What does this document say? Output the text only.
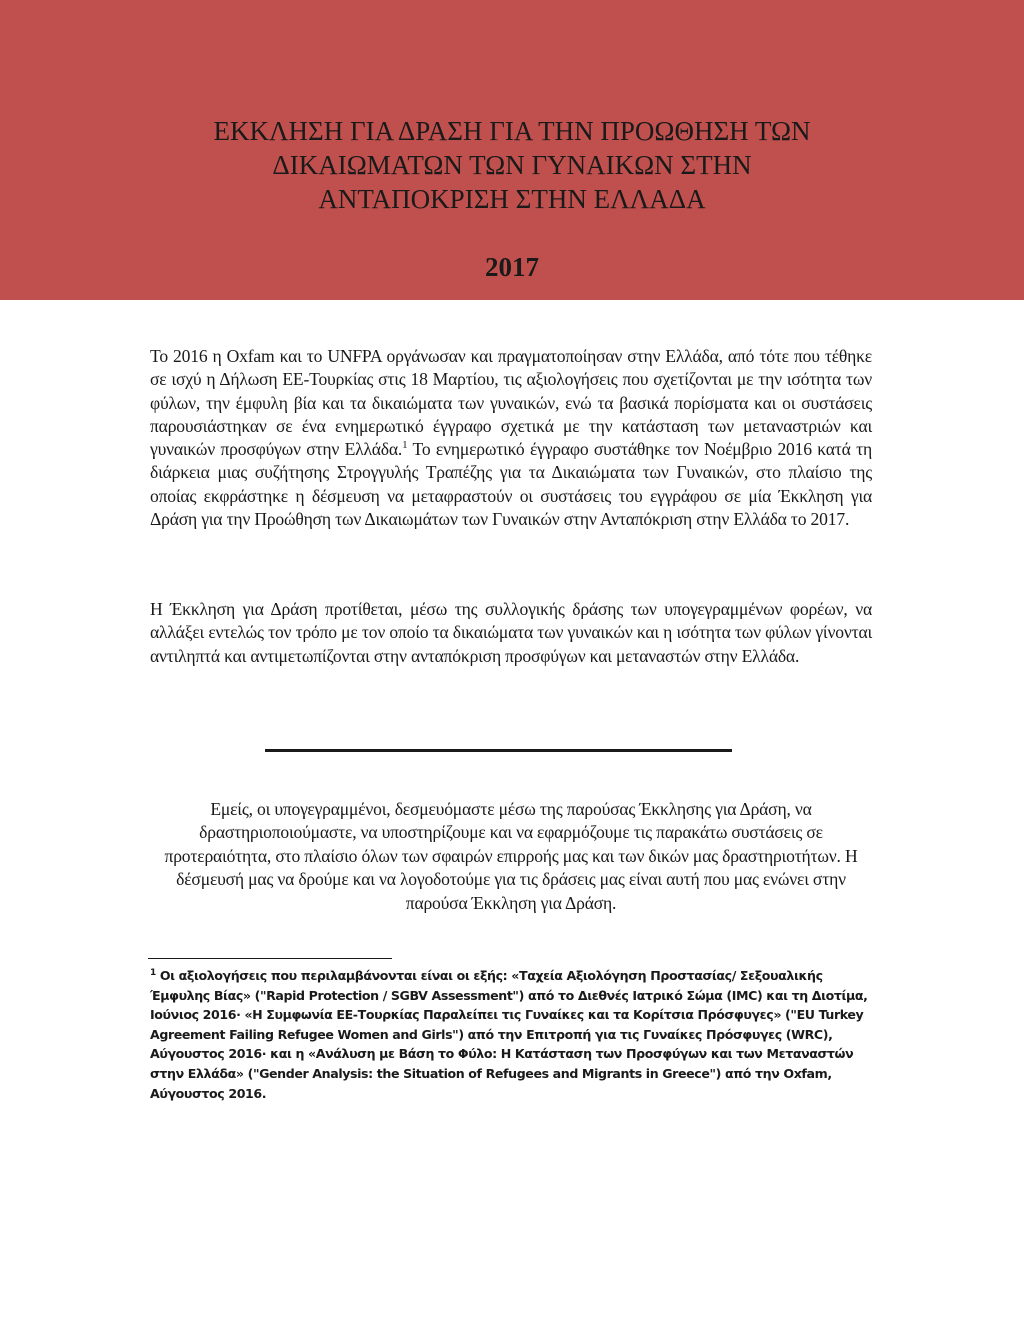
ΕΚΚΛΗΣΗ ΓΙΑ ΔΡΑΣΗ ΓΙΑ ΤΗΝ ΠΡΟΩΘΗΣΗ ΤΩΝ
ΔΙΚΑΙΩΜΑΤΩΝ ΤΩΝ ΓΥΝΑΙΚΩΝ ΣΤΗΝ
ΑΝΤΑΠΟΚΡΙΣΗ ΣΤΗΝ ΕΛΛΑΔΑ
2017

Το 2016 η Oxfam και το UNFPA οργάνωσαν και πραγματοποίησαν στην Ελλάδα, από τότε που τέθηκε σε ισχύ η Δήλωση ΕΕ-Τουρκίας στις 18 Μαρτίου, τις αξιολογήσεις που σχετίζονται με την ισότητα των φύλων, την έμφυλη βία και τα δικαιώματα των γυναικών, ενώ τα βασικά πορίσματα και οι συστάσεις παρουσιάστηκαν σε ένα ενημερωτικό έγγραφο σχετικά με την κατάσταση των μεταναστριών και γυναικών προσφύγων στην Ελλάδα.$^1$ Το ενημερωτικό έγγραφο συστάθηκε τον Νοέμβριο 2016 κατά τη διάρκεια μιας συζήτησης Στρογγυλής Τραπέζης για τα Δικαιώματα των Γυναικών, στο πλαίσιο της οποίας εκφράστηκε η δέσμευση να μεταφραστούν οι συστάσεις του εγγράφου σε μία Έκκληση για Δράση για την Προώθηση των Δικαιωμάτων των Γυναικών στην Ανταπόκριση στην Ελλάδα το 2017.

Η Έκκληση για Δράση προτίθεται, μέσω της συλλογικής δράσης των υπογεγραμμένων φορέων, να αλλάξει εντελώς τον τρόπο με τον οποίο τα δικαιώματα των γυναικών και η ισότητα των φύλων γίνονται αντιληπτά και αντιμετωπίζονται στην ανταπόκριση προσφύγων και μεταναστών στην Ελλάδα.

Εμείς, οι υπογεγραμμένοι, δεσμευόμαστε μέσω της παρούσας Έκκλησης για Δράση, να δραστηριοποιούμαστε, να υποστηρίζουμε και να εφαρμόζουμε τις παρακάτω συστάσεις σε προτεραιότητα, στο πλαίσιο όλων των σφαιρών επιρροής μας και των δικών μας δραστηριοτήτων. Η δέσμευσή μας να δρούμε και να λογοδοτούμε για τις δράσεις μας είναι αυτή που μας ενώνει στην παρούσα Έκκληση για Δράση.

$^1$ Οι αξιολογήσεις που περιλαμβάνονται είναι οι εξής: «Ταχεία Αξιολόγηση Προστασίας/ Σεξουαλικής Έμφυλης Βίας» ("Rapid Protection / SGBV Assessment") από το Διεθνές Ιατρικό Σώμα (IMC) και τη Διοτίμα, Ιούνιος 2016· «Η Συμφωνία ΕΕ-Τουρκίας Παραλείπει τις Γυναίκες και τα Κορίτσια Πρόσφυγες» ("EU Turkey Agreement Failing Refugee Women and Girls") από την Επιτροπή για τις Γυναίκες Πρόσφυγες (WRC), Αύγουστος 2016· και η «Ανάλυση με Βάση το Φύλο: Η Κατάσταση των Προσφύγων και των Μεταναστών στην Ελλάδα» ("Gender Analysis: the Situation of Refugees and Migrants in Greece") από την Oxfam, Αύγουστος 2016.
